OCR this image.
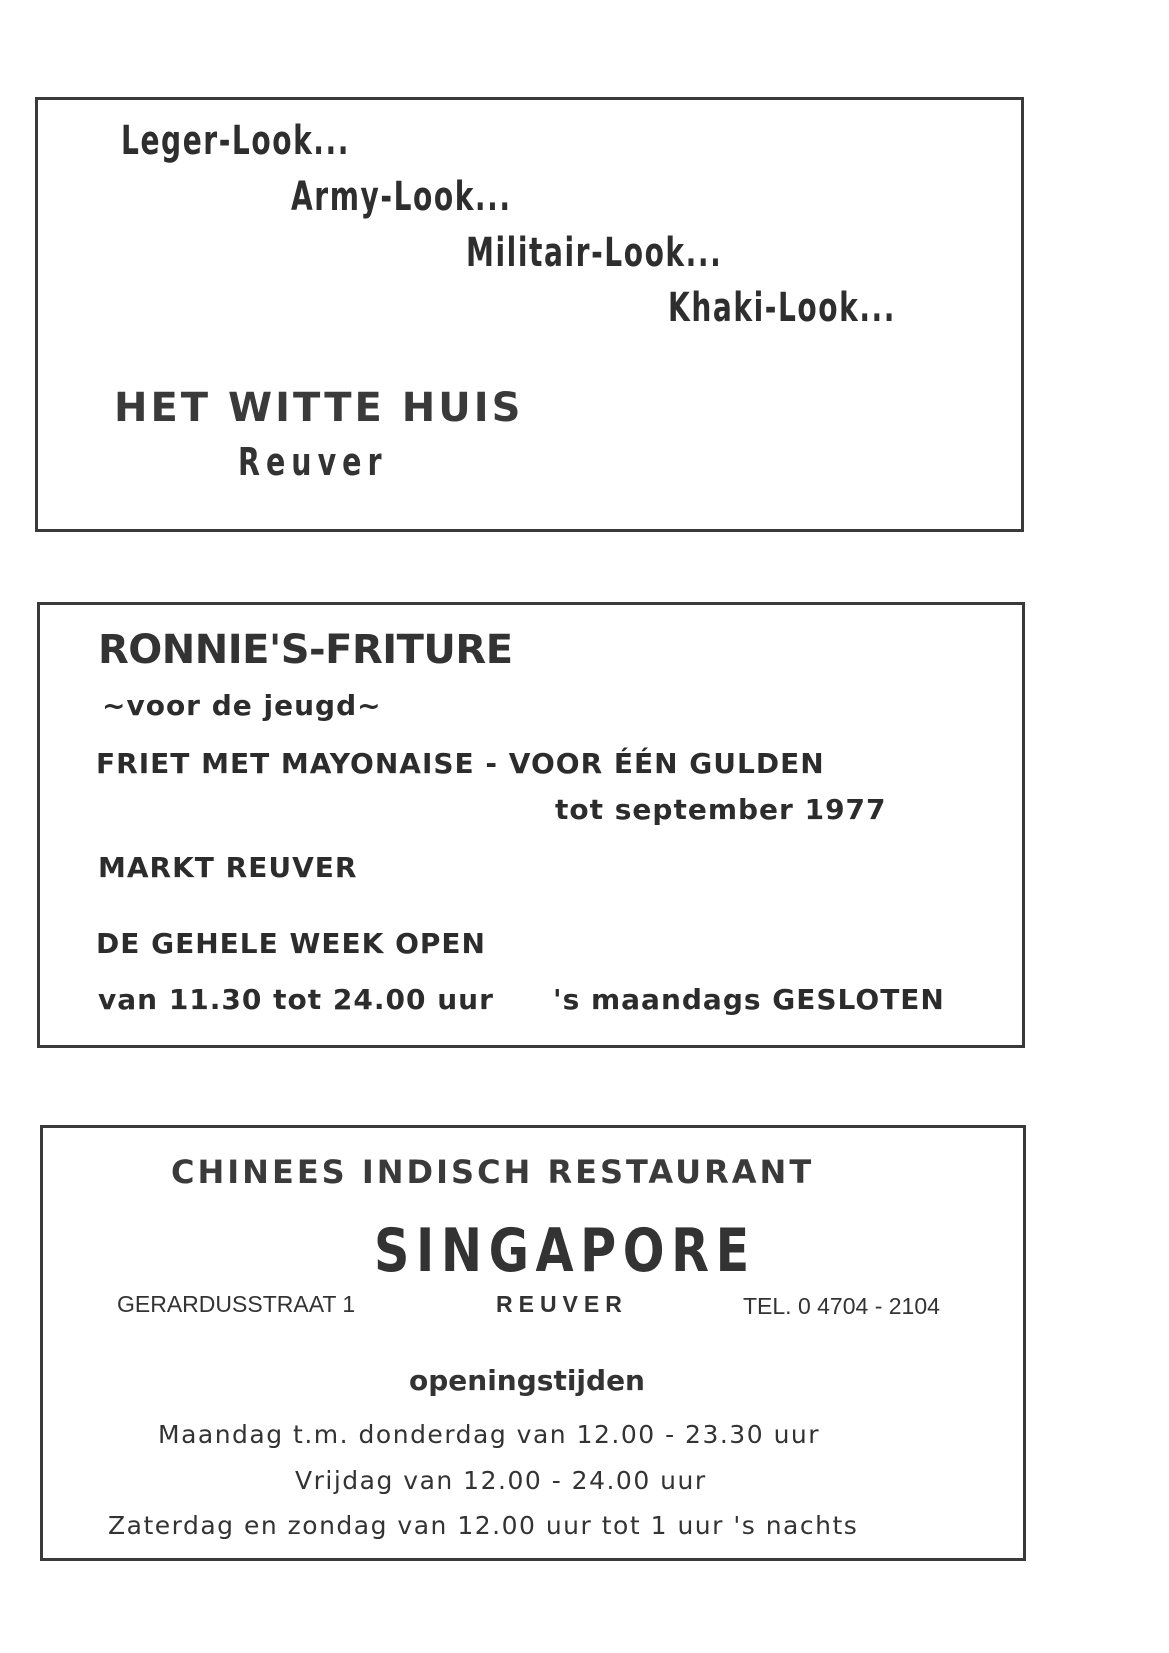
Leger-Look...

Army-Look...

Militair-Look...

Khaki-Look...

HET WITTE HUIS

Reuver

RONNIE'S-FRITURE

~voor de jeugd~

FRIET MET MAYONAISE - VOOR ÉÉN GULDEN

tot september 1977

MARKT REUVER

DE GEHELE WEEK OPEN

van 11.30 tot 24.00 uur 's maandags GESLOTEN

CHINEES INDISCH RESTAURANT

SINGAPORE

GERARDUSSTRAAT 1	REUVER	TEL. 0 4704 - 2104

openingstijden

Maandag t.m. donderdag van 12.00 - 23.30 uur

Vrijdag van 12.00 - 24.00 uur

Zaterdag en zondag van 12.00 uur tot 1 uur 's nachts
